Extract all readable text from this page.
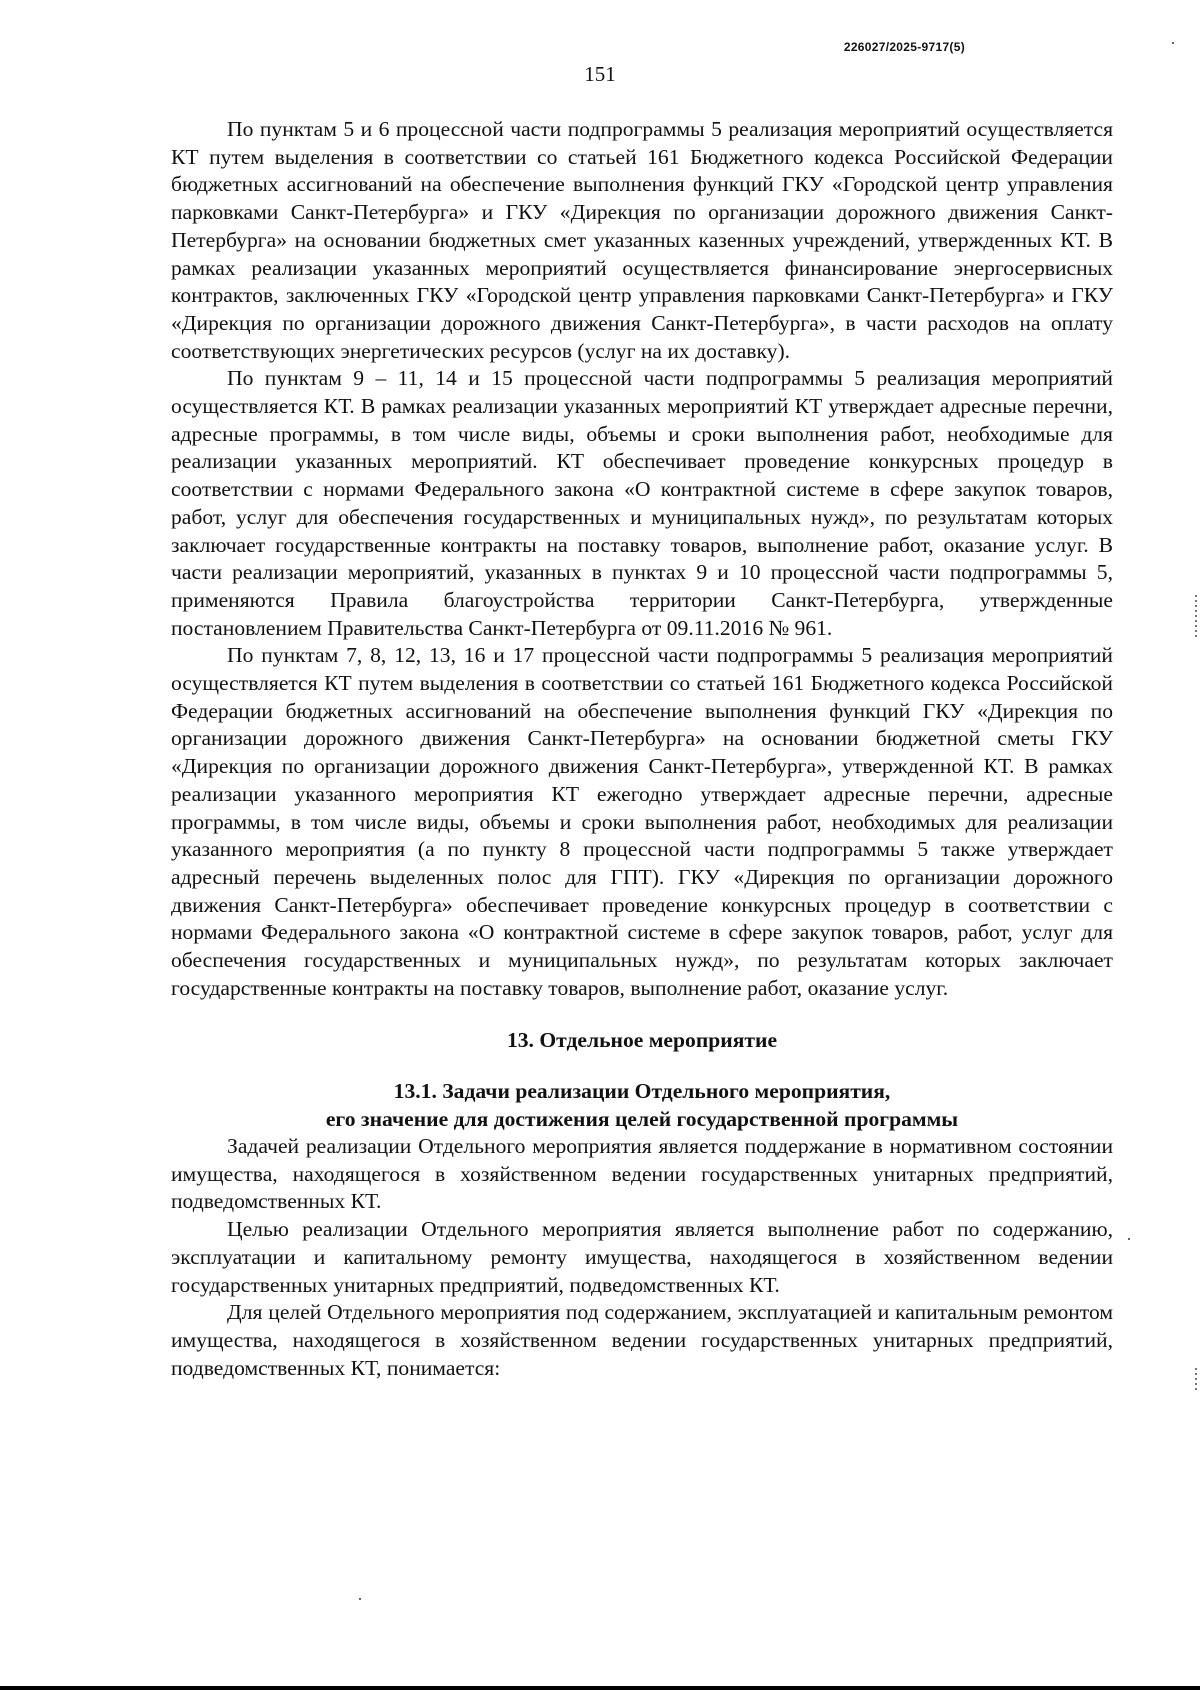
226027/2025-9717(5)
151

По пунктам 5 и 6 процессной части подпрограммы 5 реализация мероприятий осуществляется КТ путем выделения в соответствии со статьей 161 Бюджетного кодекса Российской Федерации бюджетных ассигнований на обеспечение выполнения функций ГКУ «Городской центр управления парковками Санкт-Петербурга» и ГКУ «Дирекция по организации дорожного движения Санкт-Петербурга» на основании бюджетных смет указанных казенных учреждений, утвержденных КТ. В рамках реализации указанных мероприятий осуществляется финансирование энергосервисных контрактов, заключенных ГКУ «Городской центр управления парковками Санкт-Петербурга» и ГКУ «Дирекция по организации дорожного движения Санкт-Петербурга», в части расходов на оплату соответствующих энергетических ресурсов (услуг на их доставку).

По пунктам 9 – 11, 14 и 15 процессной части подпрограммы 5 реализация мероприятий осуществляется КТ. В рамках реализации указанных мероприятий КТ утверждает адресные перечни, адресные программы, в том числе виды, объемы и сроки выполнения работ, необходимые для реализации указанных мероприятий. КТ обеспечивает проведение конкурсных процедур в соответствии с нормами Федерального закона «О контрактной системе в сфере закупок товаров, работ, услуг для обеспечения государственных и муниципальных нужд», по результатам которых заключает государственные контракты на поставку товаров, выполнение работ, оказание услуг. В части реализации мероприятий, указанных в пунктах 9 и 10 процессной части подпрограммы 5, применяются Правила благоустройства территории Санкт-Петербурга, утвержденные постановлением Правительства Санкт-Петербурга от 09.11.2016 № 961.

По пунктам 7, 8, 12, 13, 16 и 17 процессной части подпрограммы 5 реализация мероприятий осуществляется КТ путем выделения в соответствии со статьей 161 Бюджетного кодекса Российской Федерации бюджетных ассигнований на обеспечение выполнения функций ГКУ «Дирекция по организации дорожного движения Санкт-Петербурга» на основании бюджетной сметы ГКУ «Дирекция по организации дорожного движения Санкт-Петербурга», утвержденной КТ. В рамках реализации указанного мероприятия КТ ежегодно утверждает адресные перечни, адресные программы, в том числе виды, объемы и сроки выполнения работ, необходимых для реализации указанного мероприятия (а по пункту 8 процессной части подпрограммы 5 также утверждает адресный перечень выделенных полос для ГПТ). ГКУ «Дирекция по организации дорожного движения Санкт-Петербурга» обеспечивает проведение конкурсных процедур в соответствии с нормами Федерального закона «О контрактной системе в сфере закупок товаров, работ, услуг для обеспечения государственных и муниципальных нужд», по результатам которых заключает государственные контракты на поставку товаров, выполнение работ, оказание услуг.

13. Отдельное мероприятие
13.1. Задачи реализации Отдельного мероприятия,
его значение для достижения целей государственной программы

Задачей реализации Отдельного мероприятия является поддержание в нормативном состоянии имущества, находящегося в хозяйственном ведении государственных унитарных предприятий, подведомственных КТ.

Целью реализации Отдельного мероприятия является выполнение работ по содержанию, эксплуатации и капитальному ремонту имущества, находящегося в хозяйственном ведении государственных унитарных предприятий, подведомственных КТ.

Для целей Отдельного мероприятия под содержанием, эксплуатацией и капитальным ремонтом имущества, находящегося в хозяйственном ведении государственных унитарных предприятий, подведомственных КТ, понимается:
